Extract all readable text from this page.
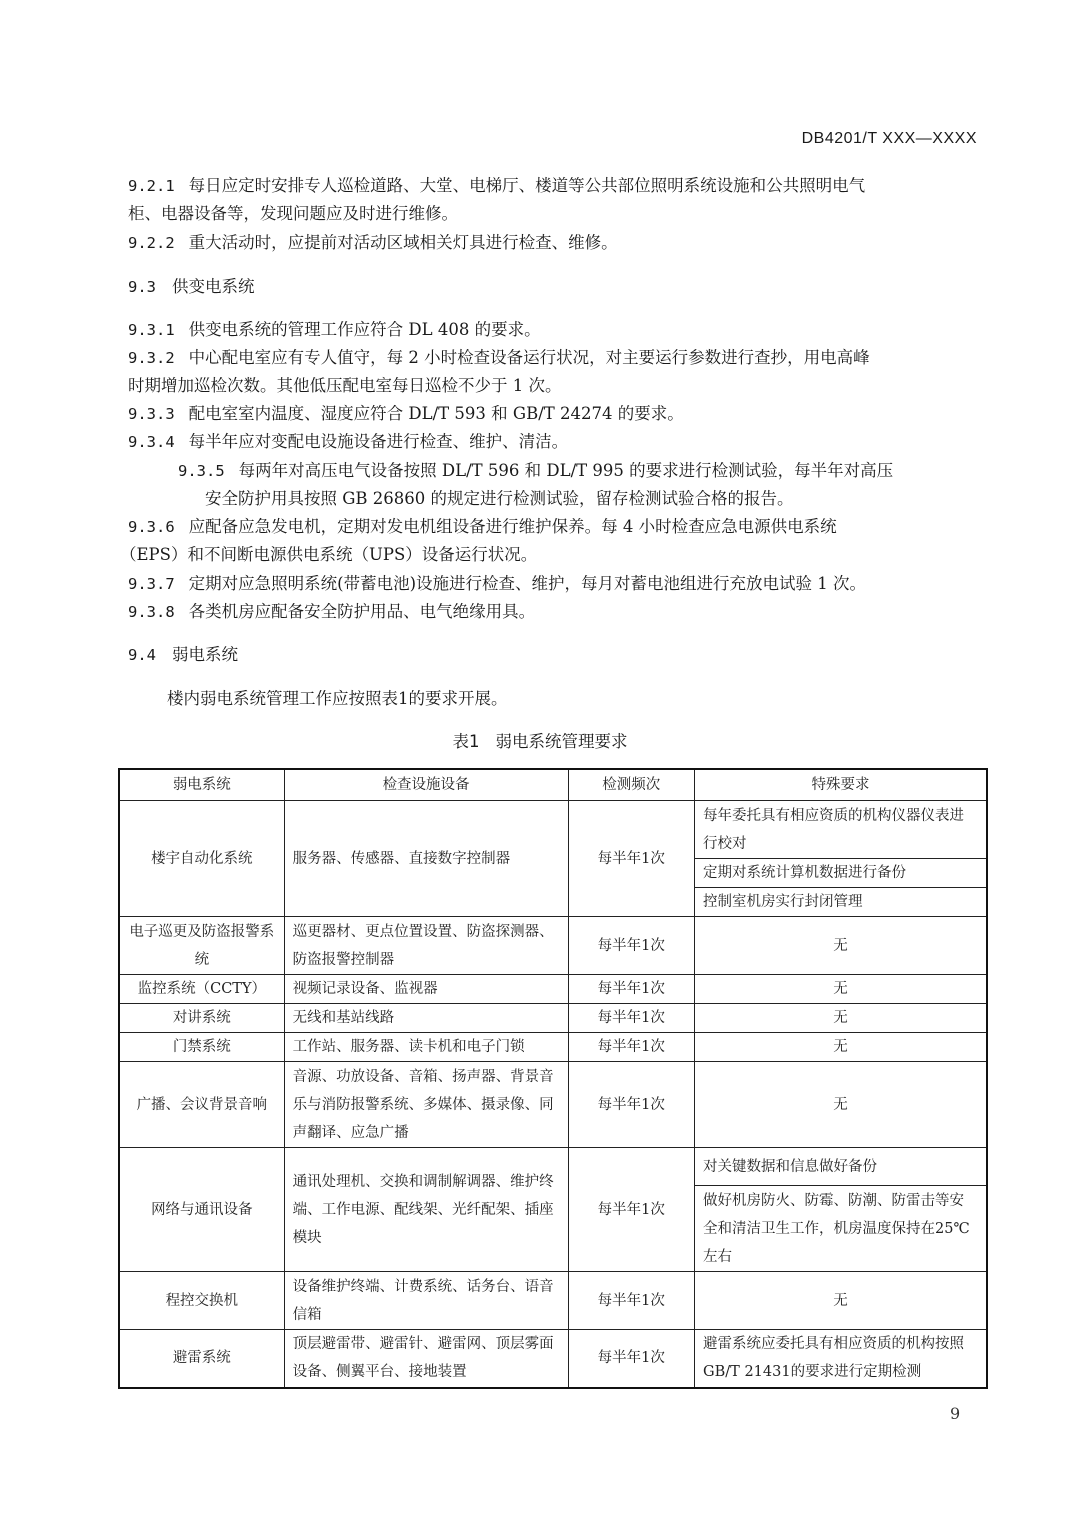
DB4201/T XXX—XXXX
9.2.1 每日应定时安排专人巡检道路、大堂、电梯厅、楼道等公共部位照明系统设施和公共照明电气
柜、电器设备等，发现问题应及时进行维修。
9.2.2 重大活动时，应提前对活动区域相关灯具进行检查、维修。
9.3 供变电系统
9.3.1 供变电系统的管理工作应符合 DL 408 的要求。
9.3.2 中心配电室应有专人值守，每 2 小时检查设备运行状况，对主要运行参数进行查抄，用电高峰
时期增加巡检次数。其他低压配电室每日巡检不少于 1 次。
9.3.3 配电室室内温度、湿度应符合 DL/T 593 和 GB/T 24274 的要求。
9.3.4 每半年应对变配电设施设备进行检查、维护、清洁。
9.3.5 每两年对高压电气设备按照 DL/T 596 和 DL/T 995 的要求进行检测试验，每半年对高压
安全防护用具按照 GB 26860 的规定进行检测试验，留存检测试验合格的报告。
9.3.6 应配备应急发电机，定期对发电机组设备进行维护保养。每 4 小时检查应急电源供电系统
（EPS）和不间断电源供电系统（UPS）设备运行状况。
9.3.7 定期对应急照明系统(带蓄电池)设施进行检查、维护，每月对蓄电池组进行充放电试验 1 次。
9.3.8 各类机房应配备安全防护用品、电气绝缘用具。
9.4 弱电系统
楼内弱电系统管理工作应按照表1的要求开展。
表1 弱电系统管理要求
弱电系统	检查设施设备	检测频次	特殊要求
楼宇自动化系统	服务器、传感器、直接数字控制器	每半年1次	每年委托具有相应资质的机构仪器仪表进行校对
			定期对系统计算机数据进行备份
			控制室机房实行封闭管理
电子巡更及防盗报警系统	巡更器材、更点位置设置、防盗探测器、防盗报警控制器	每半年1次	无
监控系统（CCTY）	视频记录设备、监视器	每半年1次	无
对讲系统	无线和基站线路	每半年1次	无
门禁系统	工作站、服务器、读卡机和电子门锁	每半年1次	无
广播、会议背景音响	音源、功放设备、音箱、扬声器、背景音乐与消防报警系统、多媒体、摄录像、同声翻译、应急广播	每半年1次	无
网络与通讯设备	通讯处理机、交换和调制解调器、维护终端、工作电源、配线架、光纤配架、插座模块	每半年1次	对关键数据和信息做好备份
			做好机房防火、防霉、防潮、防雷击等安全和清洁卫生工作，机房温度保持在25℃左右
程控交换机	设备维护终端、计费系统、话务台、语音信箱	每半年1次	无
避雷系统	顶层避雷带、避雷针、避雷网、顶层雾面设备、侧翼平台、接地装置	每半年1次	避雷系统应委托具有相应资质的机构按照GB/T 21431的要求进行定期检测
9
